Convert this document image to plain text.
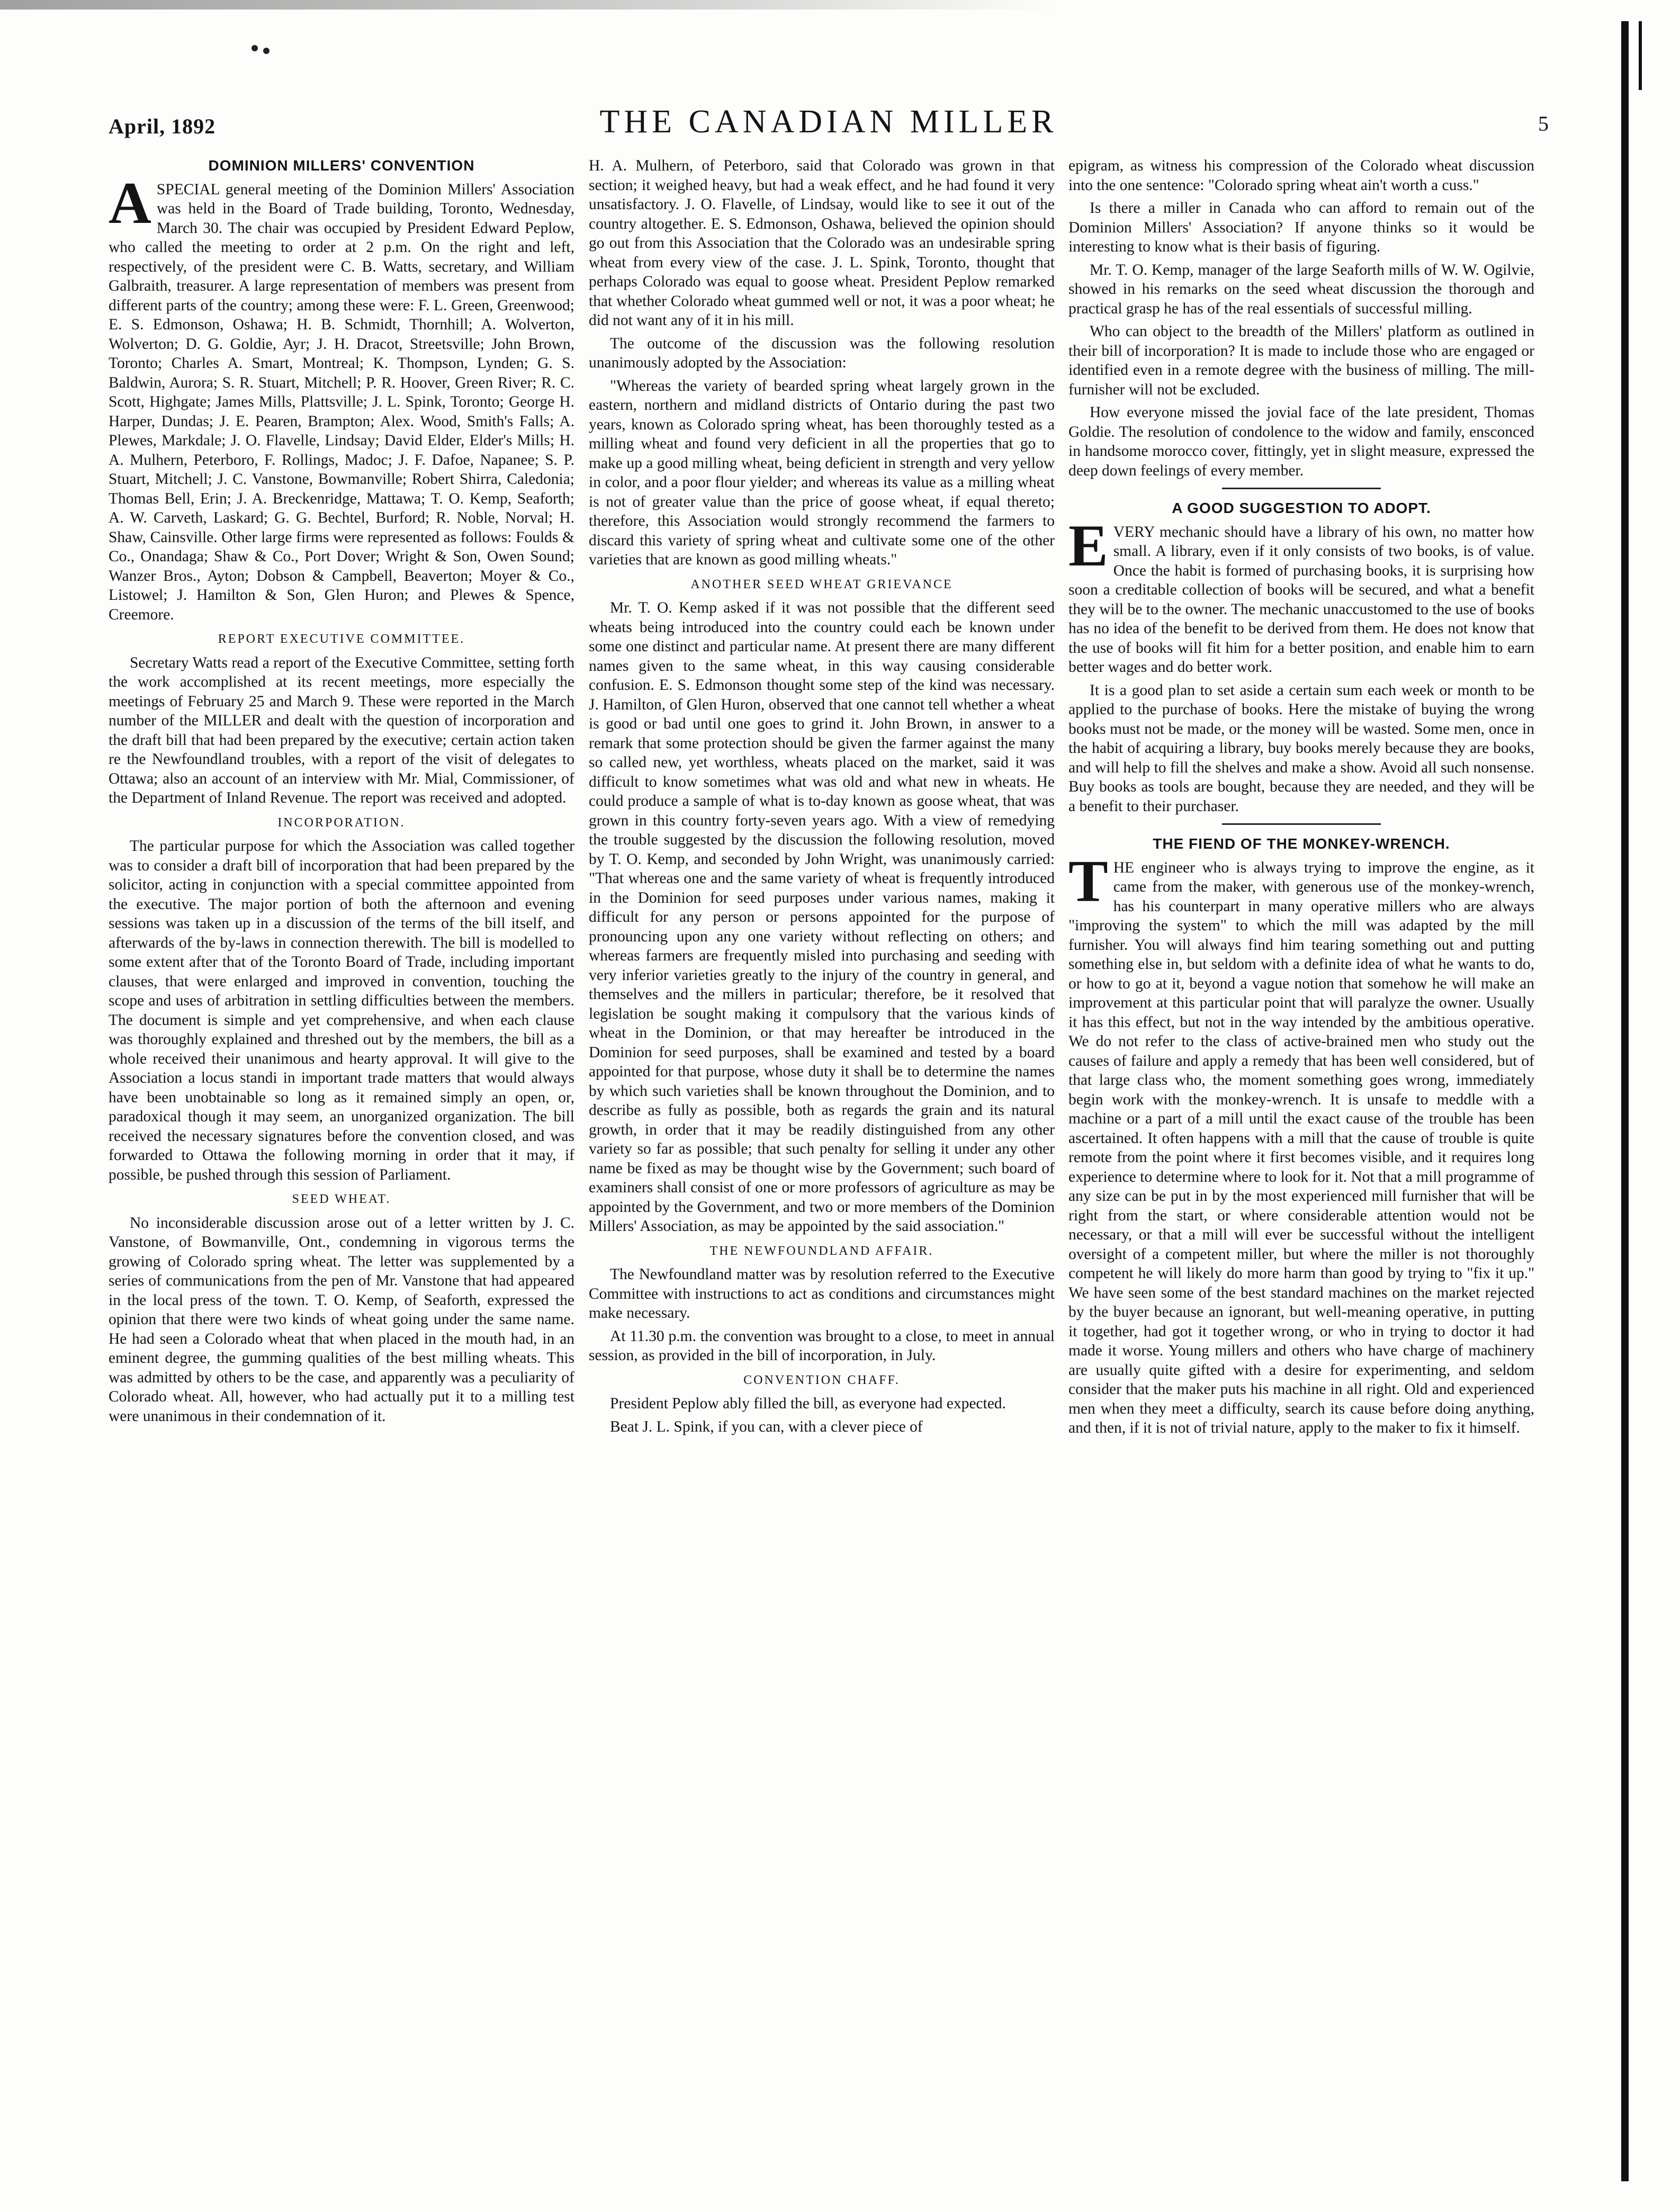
April, 1892	THE CANADIAN MILLER	5
DOMINION MILLERS' CONVENTION

ASPECIAL general meeting of the Dominion Millers' Association was held in the Board of Trade building, Toronto, Wednesday, March 30. The chair was occupied by President Edward Peplow, who called the meeting to order at 2 p.m. On the right and left, respectively, of the president were C. B. Watts, secretary, and William Galbraith, treasurer. A large representation of members was present from different parts of the country; among these were: F. L. Green, Greenwood; E. S. Edmonson, Oshawa; H. B. Schmidt, Thornhill; A. Wolverton, Wolverton; D. G. Goldie, Ayr; J. H. Dracot, Streetsville; John Brown, Toronto; Charles A. Smart, Montreal; K. Thompson, Lynden; G. S. Baldwin, Aurora; S. R. Stuart, Mitchell; P. R. Hoover, Green River; R. C. Scott, Highgate; James Mills, Plattsville; J. L. Spink, Toronto; George H. Harper, Dundas; J. E. Pearen, Brampton; Alex. Wood, Smith's Falls; A. Plewes, Markdale; J. O. Flavelle, Lindsay; David Elder, Elder's Mills; H. A. Mulhern, Peterboro, F. Rollings, Madoc; J. F. Dafoe, Napanee; S. P. Stuart, Mitchell; J. C. Vanstone, Bowmanville; Robert Shirra, Caledonia; Thomas Bell, Erin; J. A. Breckenridge, Mattawa; T. O. Kemp, Seaforth; A. W. Carveth, Laskard; G. G. Bechtel, Burford; R. Noble, Norval; H. Shaw, Cainsville. Other large firms were represented as follows: Foulds & Co., Onandaga; Shaw & Co., Port Dover; Wright & Son, Owen Sound; Wanzer Bros., Ayton; Dobson & Campbell, Beaverton; Moyer & Co., Listowel; J. Hamilton & Son, Glen Huron; and Plewes & Spence, Creemore.

REPORT EXECUTIVE COMMITTEE.

Secretary Watts read a report of the Executive Committee, setting forth the work accomplished at its recent meetings, more especially the meetings of February 25 and March 9. These were reported in the March number of the MILLER and dealt with the question of incorporation and the draft bill that had been prepared by the executive; certain action taken re the Newfoundland troubles, with a report of the visit of delegates to Ottawa; also an account of an interview with Mr. Mial, Commissioner, of the Department of Inland Revenue. The report was received and adopted.

INCORPORATION.

The particular purpose for which the Association was called together was to consider a draft bill of incorporation that had been prepared by the solicitor, acting in conjunction with a special committee appointed from the executive. The major portion of both the afternoon and evening sessions was taken up in a discussion of the terms of the bill itself, and afterwards of the by-laws in connection therewith. The bill is modelled to some extent after that of the Toronto Board of Trade, including important clauses, that were enlarged and improved in convention, touching the scope and uses of arbitration in settling difficulties between the members. The document is simple and yet comprehensive, and when each clause was thoroughly explained and threshed out by the members, the bill as a whole received their unanimous and hearty approval. It will give to the Association a locus standi in important trade matters that would always have been unobtainable so long as it remained simply an open, or, paradoxical though it may seem, an unorganized organization. The bill received the necessary signatures before the convention closed, and was forwarded to Ottawa the following morning in order that it may, if possible, be pushed through this session of Parliament.

SEED WHEAT.

No inconsiderable discussion arose out of a letter written by J. C. Vanstone, of Bowmanville, Ont., condemning in vigorous terms the growing of Colorado spring wheat. The letter was supplemented by a series of communications from the pen of Mr. Vanstone that had appeared in the local press of the town. T. O. Kemp, of Seaforth, expressed the opinion that there were two kinds of wheat going under the same name. He had seen a Colorado wheat that when placed in the mouth had, in an eminent degree, the gumming qualities of the best milling wheats. This was admitted by others to be the case, and apparently was a peculiarity of Colorado wheat. All, however, who had actually put it to a milling test were unanimous in their condemnation of it.

H. A. Mulhern, of Peterboro, said that Colorado was grown in that section; it weighed heavy, but had a weak effect, and he had found it very unsatisfactory. J. O. Flavelle, of Lindsay, would like to see it out of the country altogether. E. S. Edmonson, Oshawa, believed the opinion should go out from this Association that the Colorado was an undesirable spring wheat from every view of the case. J. L. Spink, Toronto, thought that perhaps Colorado was equal to goose wheat. President Peplow remarked that whether Colorado wheat gummed well or not, it was a poor wheat; he did not want any of it in his mill.

The outcome of the discussion was the following resolution unanimously adopted by the Association:

"Whereas the variety of bearded spring wheat largely grown in the eastern, northern and midland districts of Ontario during the past two years, known as Colorado spring wheat, has been thoroughly tested as a milling wheat and found very deficient in all the properties that go to make up a good milling wheat, being deficient in strength and very yellow in color, and a poor flour yielder; and whereas its value as a milling wheat is not of greater value than the price of goose wheat, if equal thereto; therefore, this Association would strongly recommend the farmers to discard this variety of spring wheat and cultivate some one of the other varieties that are known as good milling wheats."

ANOTHER SEED WHEAT GRIEVANCE

Mr. T. O. Kemp asked if it was not possible that the different seed wheats being introduced into the country could each be known under some one distinct and particular name. At present there are many different names given to the same wheat, in this way causing considerable confusion. E. S. Edmonson thought some step of the kind was necessary. J. Hamilton, of Glen Huron, observed that one cannot tell whether a wheat is good or bad until one goes to grind it. John Brown, in answer to a remark that some protection should be given the farmer against the many so called new, yet worthless, wheats placed on the market, said it was difficult to know sometimes what was old and what new in wheats. He could produce a sample of what is to-day known as goose wheat, that was grown in this country forty-seven years ago. With a view of remedying the trouble suggested by the discussion the following resolution, moved by T. O. Kemp, and seconded by John Wright, was unanimously carried: "That whereas one and the same variety of wheat is frequently introduced in the Dominion for seed purposes under various names, making it difficult for any person or persons appointed for the purpose of pronouncing upon any one variety without reflecting on others; and whereas farmers are frequently misled into purchasing and seeding with very inferior varieties greatly to the injury of the country in general, and themselves and the millers in particular; therefore, be it resolved that legislation be sought making it compulsory that the various kinds of wheat in the Dominion, or that may hereafter be introduced in the Dominion for seed purposes, shall be examined and tested by a board appointed for that purpose, whose duty it shall be to determine the names by which such varieties shall be known throughout the Dominion, and to describe as fully as possible, both as regards the grain and its natural growth, in order that it may be readily distinguished from any other variety so far as possible; that such penalty for selling it under any other name be fixed as may be thought wise by the Government; such board of examiners shall consist of one or more professors of agriculture as may be appointed by the Government, and two or more members of the Dominion Millers' Association, as may be appointed by the said association."

THE NEWFOUNDLAND AFFAIR.

The Newfoundland matter was by resolution referred to the Executive Committee with instructions to act as conditions and circumstances might make necessary.

At 11.30 p.m. the convention was brought to a close, to meet in annual session, as provided in the bill of incorporation, in July.

CONVENTION CHAFF.

President Peplow ably filled the bill, as everyone had expected.

Beat J. L. Spink, if you can, with a clever piece of

epigram, as witness his compression of the Colorado wheat discussion into the one sentence: "Colorado spring wheat ain't worth a cuss."

Is there a miller in Canada who can afford to remain out of the Dominion Millers' Association? If anyone thinks so it would be interesting to know what is their basis of figuring.

Mr. T. O. Kemp, manager of the large Seaforth mills of W. W. Ogilvie, showed in his remarks on the seed wheat discussion the thorough and practical grasp he has of the real essentials of successful milling.

Who can object to the breadth of the Millers' platform as outlined in their bill of incorporation? It is made to include those who are engaged or identified even in a remote degree with the business of milling. The mill-furnisher will not be excluded.

How everyone missed the jovial face of the late president, Thomas Goldie. The resolution of condolence to the widow and family, ensconced in handsome morocco cover, fittingly, yet in slight measure, expressed the deep down feelings of every member.

A GOOD SUGGESTION TO ADOPT.

EVERY mechanic should have a library of his own, no matter how small. A library, even if it only consists of two books, is of value. Once the habit is formed of purchasing books, it is surprising how soon a creditable collection of books will be secured, and what a benefit they will be to the owner. The mechanic unaccustomed to the use of books has no idea of the benefit to be derived from them. He does not know that the use of books will fit him for a better position, and enable him to earn better wages and do better work.

It is a good plan to set aside a certain sum each week or month to be applied to the purchase of books. Here the mistake of buying the wrong books must not be made, or the money will be wasted. Some men, once in the habit of acquiring a library, buy books merely because they are books, and will help to fill the shelves and make a show. Avoid all such nonsense. Buy books as tools are bought, because they are needed, and they will be a benefit to their purchaser.

THE FIEND OF THE MONKEY-WRENCH.

THE engineer who is always trying to improve the engine, as it came from the maker, with generous use of the monkey-wrench, has his counterpart in many operative millers who are always "improving the system" to which the mill was adapted by the mill furnisher. You will always find him tearing something out and putting something else in, but seldom with a definite idea of what he wants to do, or how to go at it, beyond a vague notion that somehow he will make an improvement at this particular point that will paralyze the owner. Usually it has this effect, but not in the way intended by the ambitious operative. We do not refer to the class of active-brained men who study out the causes of failure and apply a remedy that has been well considered, but of that large class who, the moment something goes wrong, immediately begin work with the monkey-wrench. It is unsafe to meddle with a machine or a part of a mill until the exact cause of the trouble has been ascertained. It often happens with a mill that the cause of trouble is quite remote from the point where it first becomes visible, and it requires long experience to determine where to look for it. Not that a mill programme of any size can be put in by the most experienced mill furnisher that will be right from the start, or where considerable attention would not be necessary, or that a mill will ever be successful without the intelligent oversight of a competent miller, but where the miller is not thoroughly competent he will likely do more harm than good by trying to "fix it up." We have seen some of the best standard machines on the market rejected by the buyer because an ignorant, but well-meaning operative, in putting it together, had got it together wrong, or who in trying to doctor it had made it worse. Young millers and others who have charge of machinery are usually quite gifted with a desire for experimenting, and seldom consider that the maker puts his machine in all right. Old and experienced men when they meet a difficulty, search its cause before doing anything, and then, if it is not of trivial nature, apply to the maker to fix it himself.
